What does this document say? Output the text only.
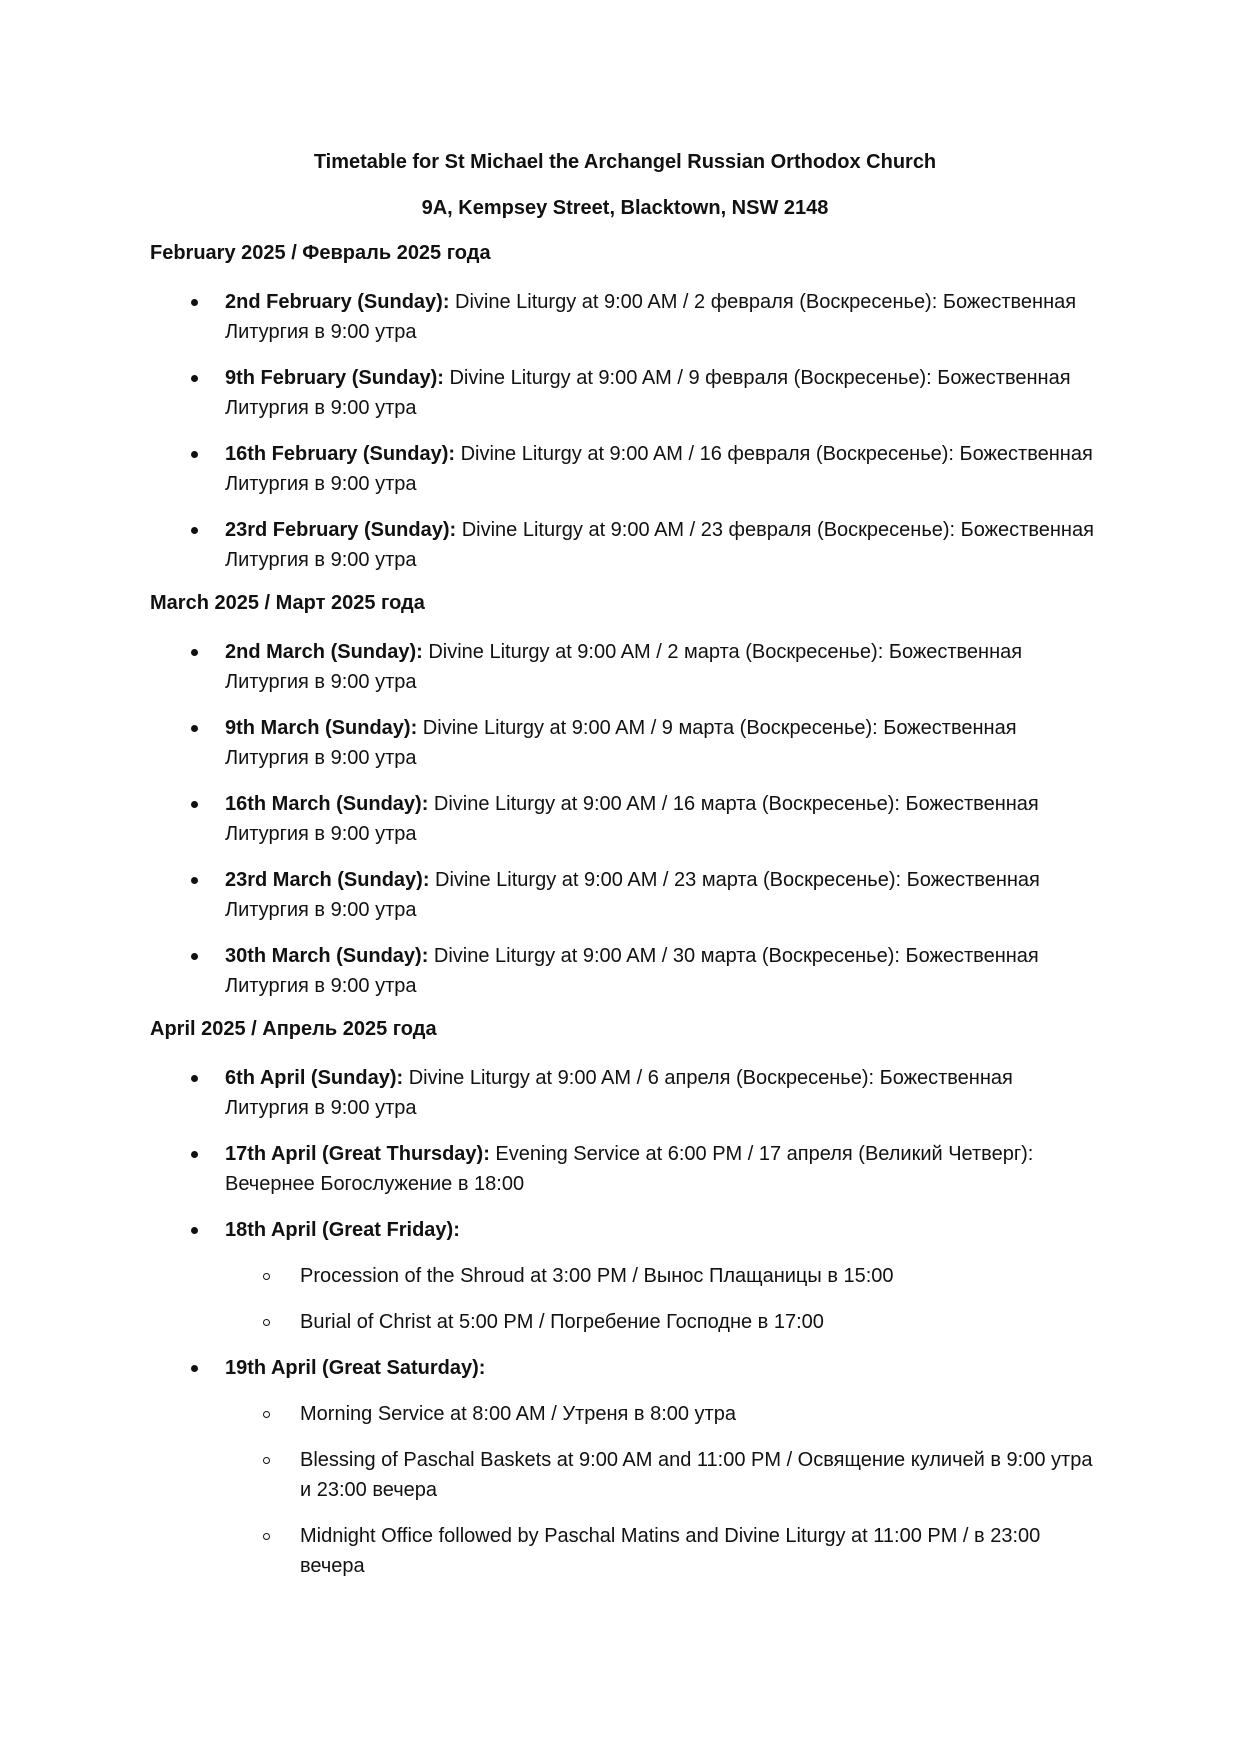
Timetable for St Michael the Archangel Russian Orthodox Church
9A, Kempsey Street, Blacktown, NSW 2148
February 2025 / Февраль 2025 года
2nd February (Sunday): Divine Liturgy at 9:00 AM / 2 февраля (Воскресенье): Божественная Литургия в 9:00 утра
9th February (Sunday): Divine Liturgy at 9:00 AM / 9 февраля (Воскресенье): Божественная Литургия в 9:00 утра
16th February (Sunday): Divine Liturgy at 9:00 AM / 16 февраля (Воскресенье): Божественная Литургия в 9:00 утра
23rd February (Sunday): Divine Liturgy at 9:00 AM / 23 февраля (Воскресенье): Божественная Литургия в 9:00 утра
March 2025 / Март 2025 года
2nd March (Sunday): Divine Liturgy at 9:00 AM / 2 марта (Воскресенье): Божественная Литургия в 9:00 утра
9th March (Sunday): Divine Liturgy at 9:00 AM / 9 марта (Воскресенье): Божественная Литургия в 9:00 утра
16th March (Sunday): Divine Liturgy at 9:00 AM / 16 марта (Воскресенье): Божественная Литургия в 9:00 утра
23rd March (Sunday): Divine Liturgy at 9:00 AM / 23 марта (Воскресенье): Божественная Литургия в 9:00 утра
30th March (Sunday): Divine Liturgy at 9:00 AM / 30 марта (Воскресенье): Божественная Литургия в 9:00 утра
April 2025 / Апрель 2025 года
6th April (Sunday): Divine Liturgy at 9:00 AM / 6 апреля (Воскресенье): Божественная Литургия в 9:00 утра
17th April (Great Thursday): Evening Service at 6:00 PM / 17 апреля (Великий Четверг): Вечернее Богослужение в 18:00
18th April (Great Friday):
Procession of the Shroud at 3:00 PM / Вынос Плащаницы в 15:00
Burial of Christ at 5:00 PM / Погребение Господне в 17:00
19th April (Great Saturday):
Morning Service at 8:00 AM / Утреня в 8:00 утра
Blessing of Paschal Baskets at 9:00 AM and 11:00 PM / Освящение куличей в 9:00 утра и 23:00 вечера
Midnight Office followed by Paschal Matins and Divine Liturgy at 11:00 PM / в 23:00 вечера
